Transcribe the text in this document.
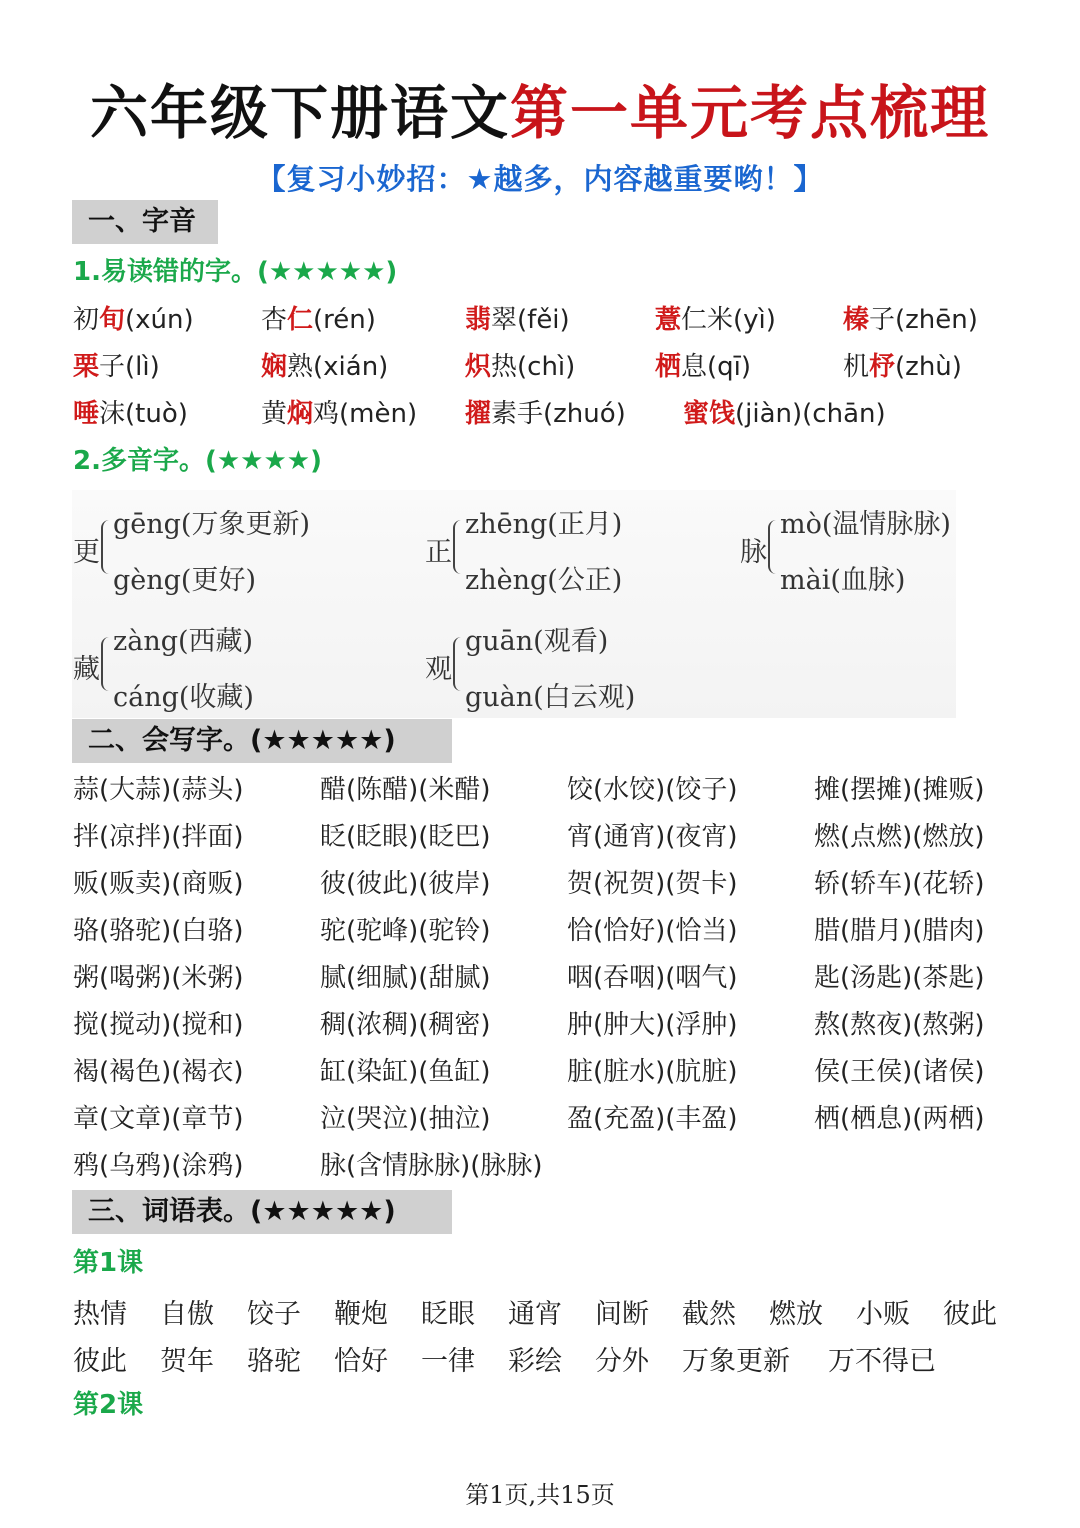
六年级下册语文第一单元考点梳理
【复习小妙招：★越多，内容越重要哟！】
一、字音
1.易读错的字。(★★★★★)
初旬(xún)	杏仁(rén)	翡翠(fěi)	薏仁米(yì)	榛子(zhēn)
栗子(lì)	娴熟(xián)	炽热(chì)	栖息(qī)	机杼(zhù)
唾沫(tuò)	黄焖鸡(mèn) 擢素手(zhuó) 蜜饯(jiàn)(chān)
2.多音字。(★★★★)
更
gēng(万象更新)
gèng(更好)
正
zhēng(正月)
zhèng(公正)
脉
mò(温情脉脉)
mài(血脉)
藏
zàng(西藏)
cáng(收藏)
观
guān(观看)
guàn(白云观)
二、会写字。(★★★★★)
蒜(大蒜)(蒜头)	醋(陈醋)(米醋)	饺(水饺)(饺子)	摊(摆摊)(摊贩)
拌(凉拌)(拌面)	眨(眨眼)(眨巴)	宵(通宵)(夜宵)	燃(点燃)(燃放)
贩(贩卖)(商贩)	彼(彼此)(彼岸)	贺(祝贺)(贺卡)	轿(轿车)(花轿)
骆(骆驼)(白骆)	驼(驼峰)(驼铃)	恰(恰好)(恰当)	腊(腊月)(腊肉)
粥(喝粥)(米粥)	腻(细腻)(甜腻)	咽(吞咽)(咽气)	匙(汤匙)(茶匙)
搅(搅动)(搅和)	稠(浓稠)(稠密)	肿(肿大)(浮肿)	熬(熬夜)(熬粥)
褐(褐色)(褐衣)	缸(染缸)(鱼缸)	脏(脏水)(肮脏)	侯(王侯)(诸侯)
章(文章)(章节)	泣(哭泣)(抽泣)	盈(充盈)(丰盈)	栖(栖息)(两栖)
鸦(乌鸦)(涂鸦)	脉(含情脉脉)(脉脉)
三、词语表。(★★★★★)
第1课
热情 自傲 饺子 鞭炮 眨眼 通宵 间断 截然 燃放 小贩 彼此
彼此 贺年 骆驼 恰好 一律 彩绘 分外 万象更新 万不得已
第2课
第1页,共15页
